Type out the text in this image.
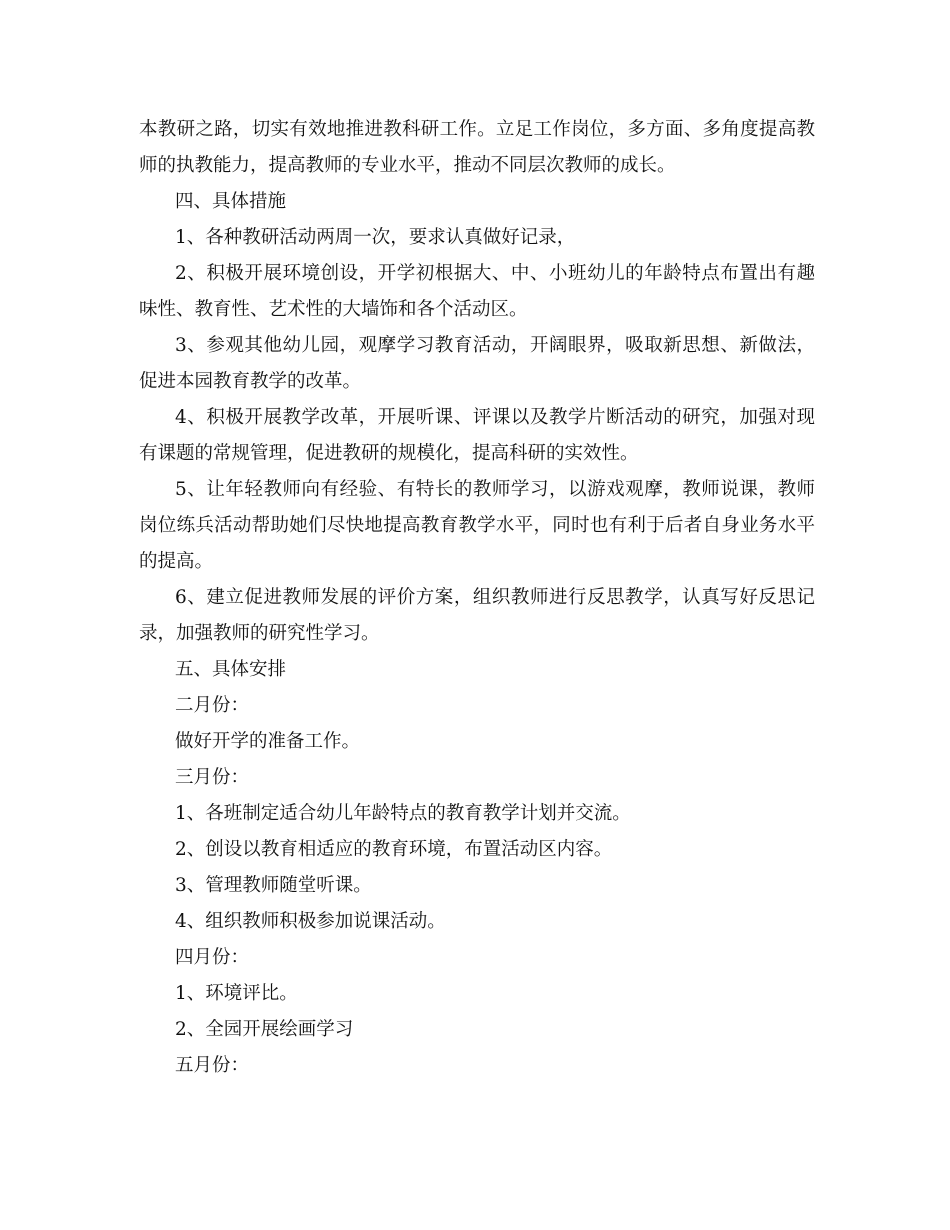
本教研之路，切实有效地推进教科研工作。立足工作岗位，多方面、多角度提高教师的执教能力，提高教师的专业水平，推动不同层次教师的成长。

四、具体措施

1、各种教研活动两周一次，要求认真做好记录，

2、积极开展环境创设，开学初根据大、中、小班幼儿的年龄特点布置出有趣味性、教育性、艺术性的大墙饰和各个活动区。

3、参观其他幼儿园，观摩学习教育活动，开阔眼界，吸取新思想、新做法，促进本园教育教学的改革。

4、积极开展教学改革，开展听课、评课以及教学片断活动的研究，加强对现有课题的常规管理，促进教研的规模化，提高科研的实效性。

5、让年轻教师向有经验、有特长的教师学习，以游戏观摩，教师说课，教师岗位练兵活动帮助她们尽快地提高教育教学水平，同时也有利于后者自身业务水平的提高。

6、建立促进教师发展的评价方案，组织教师进行反思教学，认真写好反思记录，加强教师的研究性学习。

五、具体安排

二月份：

做好开学的准备工作。

三月份：

1、各班制定适合幼儿年龄特点的教育教学计划并交流。

2、创设以教育相适应的教育环境，布置活动区内容。

3、管理教师随堂听课。

4、组织教师积极参加说课活动。

四月份：

1、环境评比。

2、全园开展绘画学习

五月份：
